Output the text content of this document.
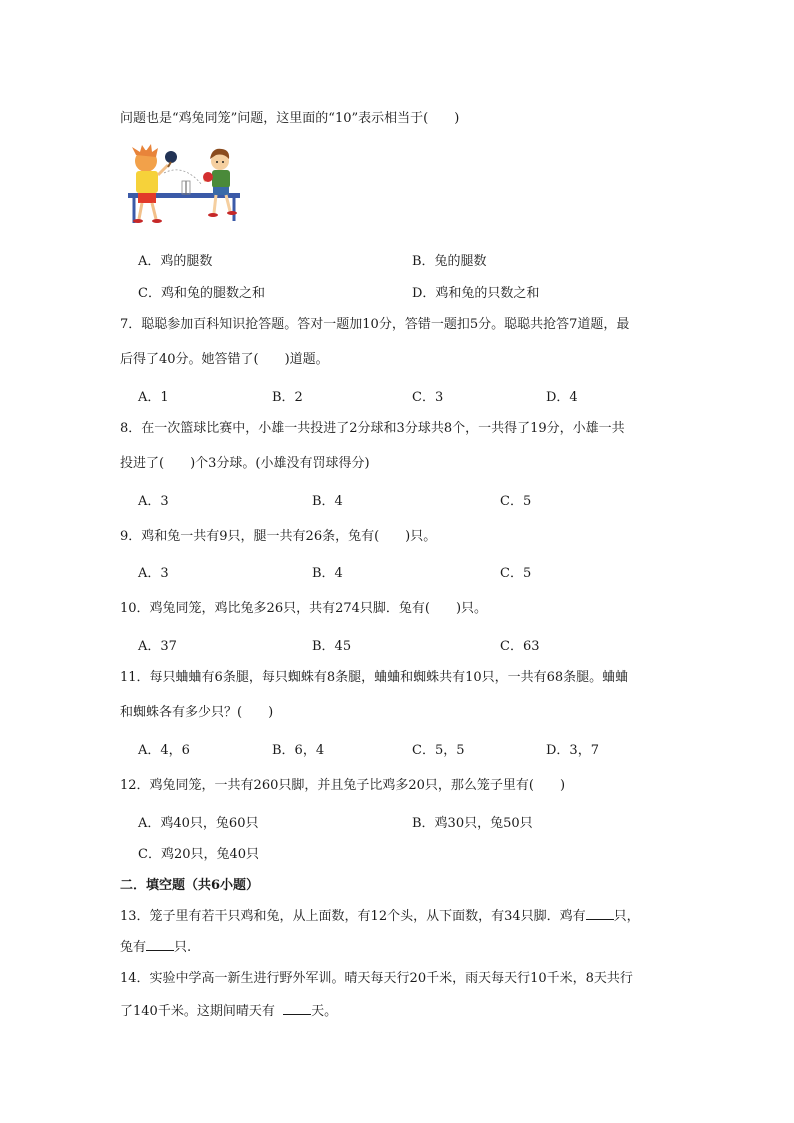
问题也是“鸡兔同笼”问题，这里面的“10”表示相当于(　　)
A．鸡的腿数	B．兔的腿数
C．鸡和兔的腿数之和	D．鸡和兔的只数之和
7．聪聪参加百科知识抢答题。答对一题加10分，答错一题扣5分。聪聪共抢答7道题，最
后得了40分。她答错了(　　)道题。
A．1	B．2	C．3	D．4
8．在一次篮球比赛中，小雄一共投进了2分球和3分球共8个，一共得了19分，小雄一共
投进了(　　)个3分球。(小雄没有罚球得分)
A．3	B．4	C．5
9．鸡和兔一共有9只，腿一共有26条，兔有(　　)只。
A．3	B．4	C．5
10．鸡兔同笼，鸡比兔多26只，共有274只脚．兔有(　　)只。
A．37	B．45	C．63
11．每只蛐蛐有6条腿，每只蜘蛛有8条腿，蛐蛐和蜘蛛共有10只，一共有68条腿。蛐蛐
和蜘蛛各有多少只？(　　)
A．4，6	B．6，4	C．5，5	D．3，7
12．鸡兔同笼，一共有260只脚，并且兔子比鸡多20只，那么笼子里有(　　)
A．鸡40只，兔60只	B．鸡30只，兔50只
C．鸡20只，兔40只
二．填空题（共6小题）
13．笼子里有若干只鸡和兔，从上面数，有12个头，从下面数，有34只脚．鸡有 只，
兔有 只.
14．实验中学高一新生进行野外军训。晴天每天行20千米，雨天每天行10千米，8天共行
了140千米。这期间晴天有	天。
